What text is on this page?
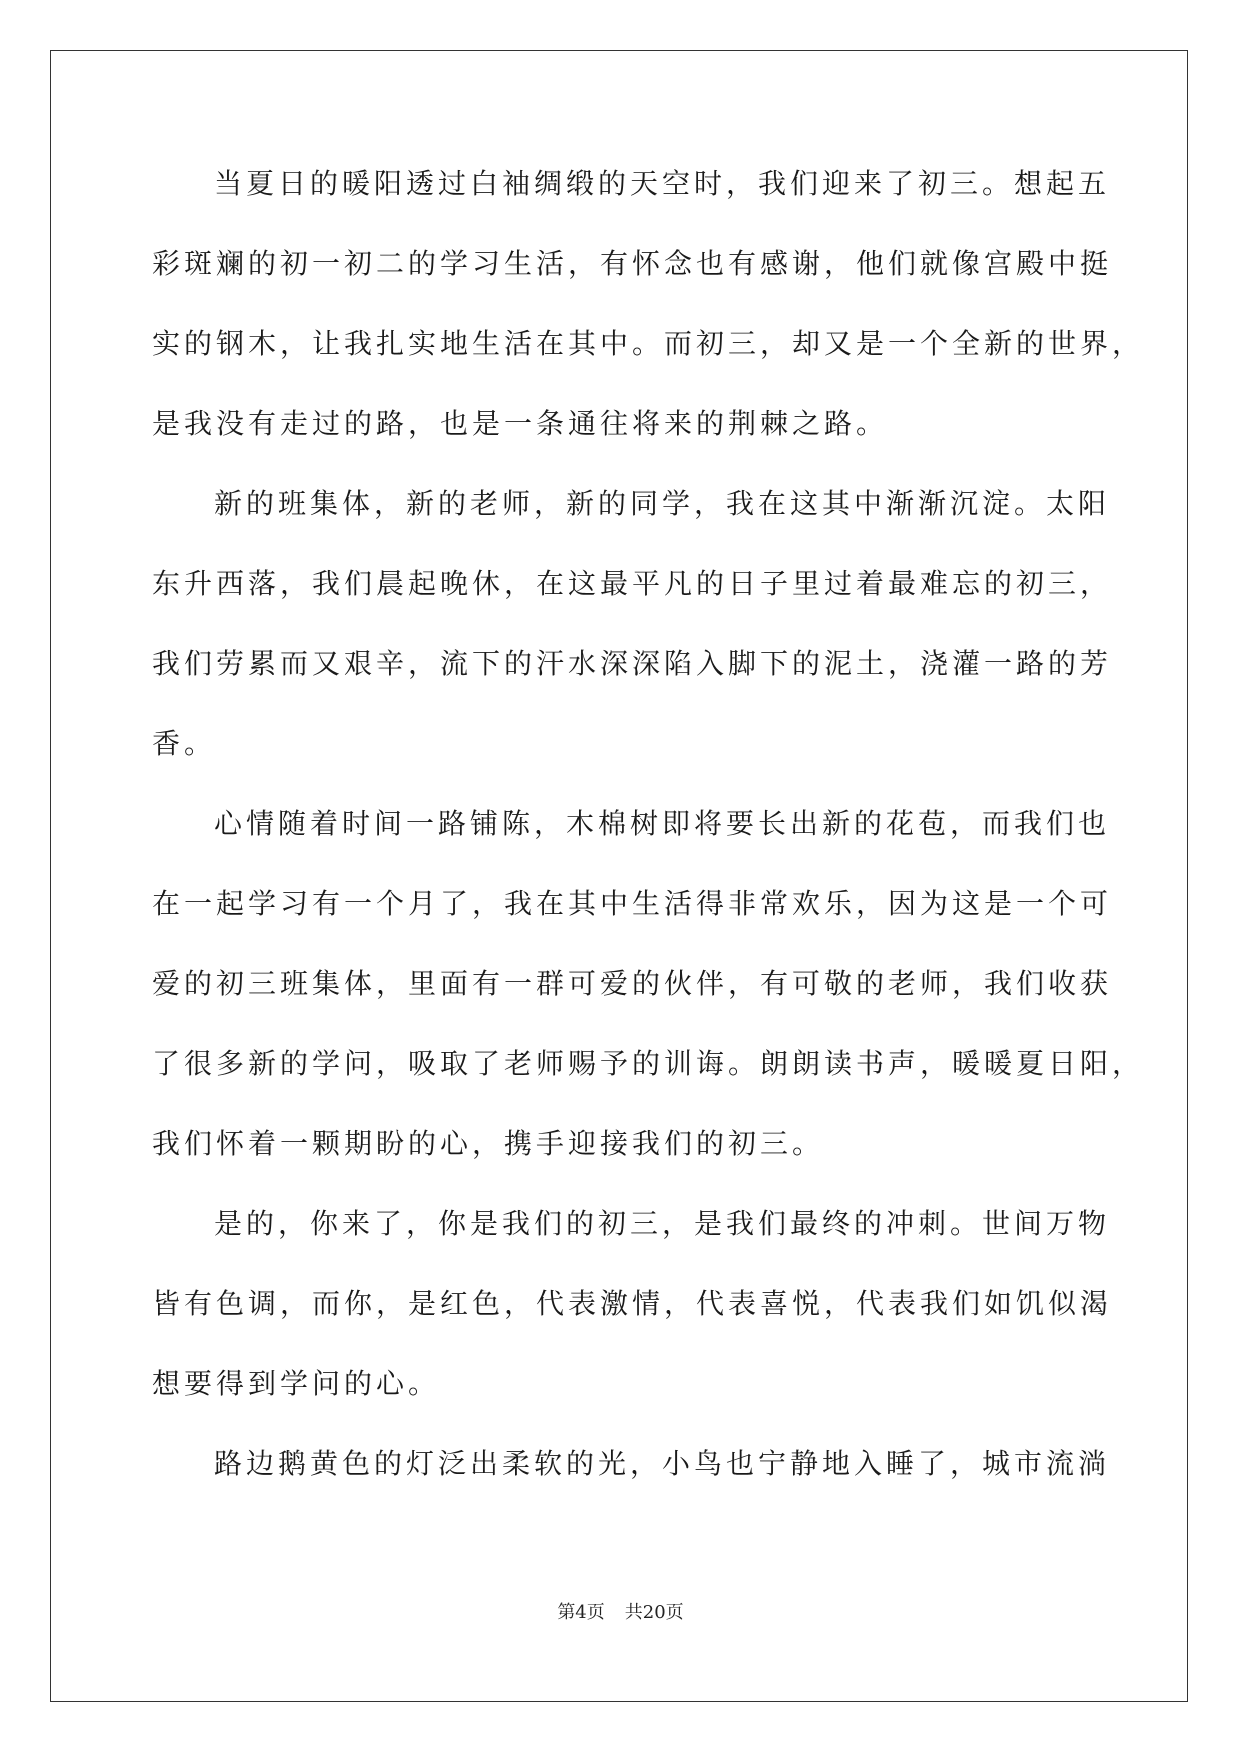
当夏日的暖阳透过白袖绸缎的天空时，我们迎来了初三。想起五
彩斑斓的初一初二的学习生活，有怀念也有感谢，他们就像宫殿中挺
实的钢木，让我扎实地生活在其中。而初三，却又是一个全新的世界，
是我没有走过的路，也是一条通往将来的荆棘之路。
新的班集体，新的老师，新的同学，我在这其中渐渐沉淀。太阳
东升西落，我们晨起晚休，在这最平凡的日子里过着最难忘的初三，
我们劳累而又艰辛，流下的汗水深深陷入脚下的泥土，浇灌一路的芳
香。
心情随着时间一路铺陈，木棉树即将要长出新的花苞，而我们也
在一起学习有一个月了，我在其中生活得非常欢乐，因为这是一个可
爱的初三班集体，里面有一群可爱的伙伴，有可敬的老师，我们收获
了很多新的学问，吸取了老师赐予的训诲。朗朗读书声，暖暖夏日阳，
我们怀着一颗期盼的心，携手迎接我们的初三。
是的，你来了，你是我们的初三，是我们最终的冲刺。世间万物
皆有色调，而你，是红色，代表激情，代表喜悦，代表我们如饥似渴
想要得到学问的心。
路边鹅黄色的灯泛出柔软的光，小鸟也宁静地入睡了，城市流淌
第4页 共20页
